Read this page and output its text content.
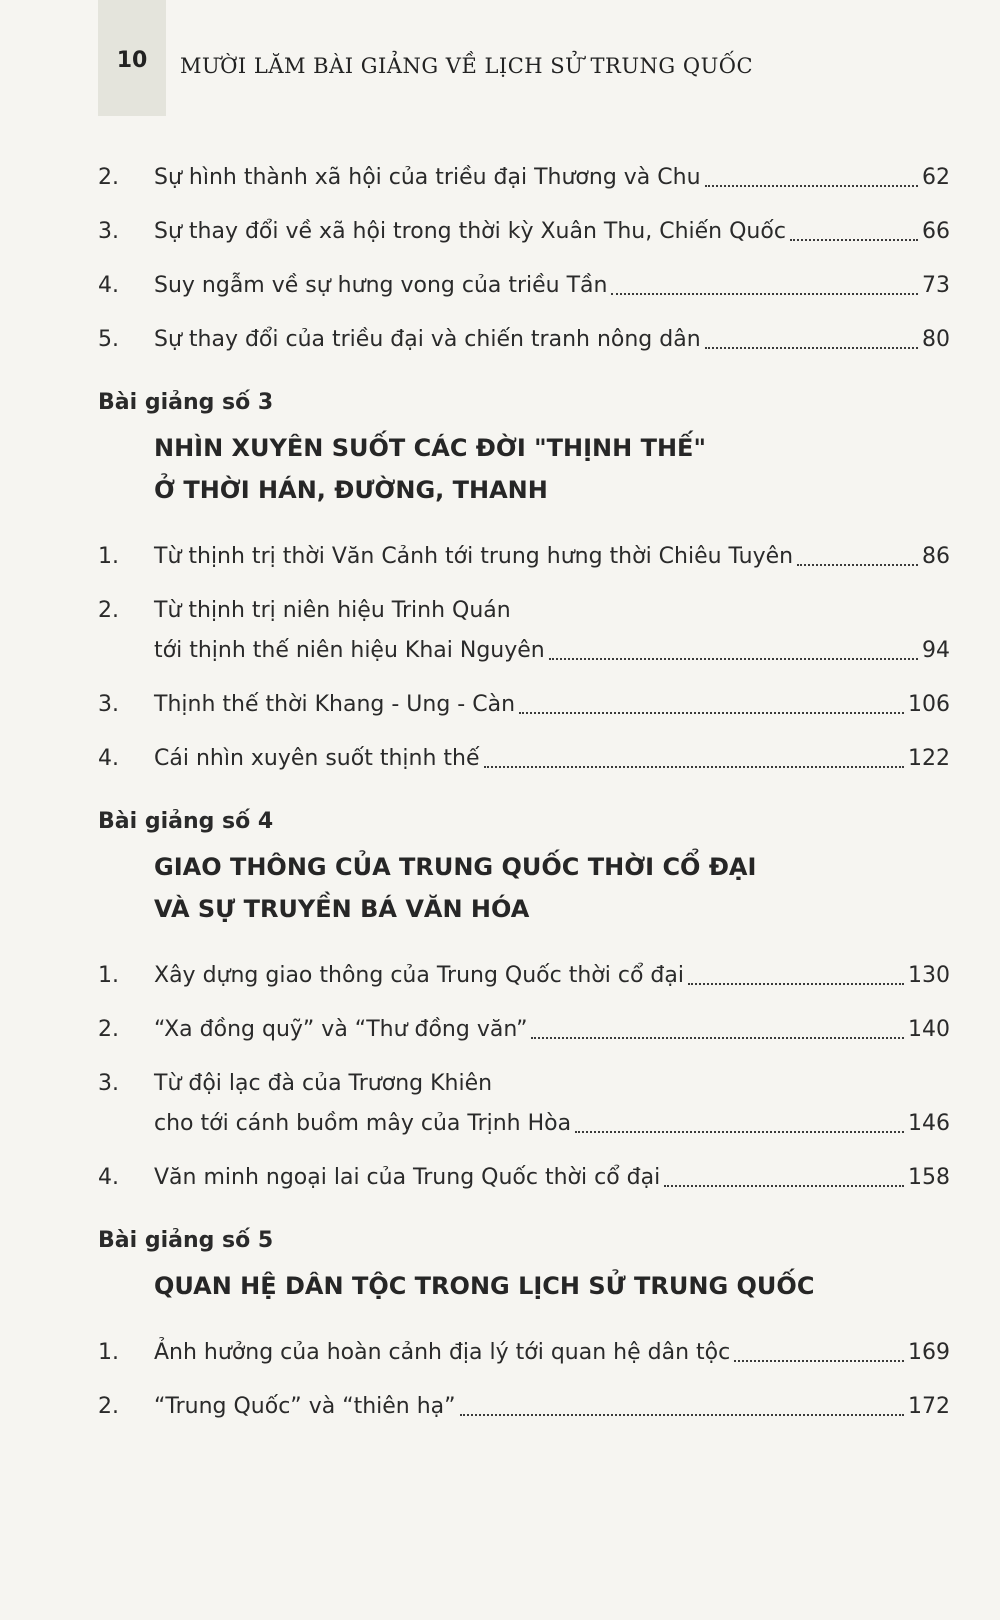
10	MƯỜI LĂM BÀI GIẢNG VỀ LỊCH SỬ TRUNG QUỐC
2.	Sự hình thành xã hội của triều đại Thương và Chu	62
3.	Sự thay đổi về xã hội trong thời kỳ Xuân Thu, Chiến Quốc	66
4.	Suy ngẫm về sự hưng vong của triều Tần	73
5.	Sự thay đổi của triều đại và chiến tranh nông dân	80
Bài giảng số 3
NHÌN XUYÊN SUỐT CÁC ĐỜI "THỊNH THẾ"
Ở THỜI HÁN, ĐƯỜNG, THANH
1.	Từ thịnh trị thời Văn Cảnh tới trung hưng thời Chiêu Tuyên	86
2.	Từ thịnh trị niên hiệu Trinh Quán
tới thịnh thế niên hiệu Khai Nguyên	94
3.	Thịnh thế thời Khang - Ung - Càn	106
4.	Cái nhìn xuyên suốt thịnh thế	122
Bài giảng số 4
GIAO THÔNG CỦA TRUNG QUỐC THỜI CỔ ĐẠI
VÀ SỰ TRUYỀN BÁ VĂN HÓA
1.	Xây dựng giao thông của Trung Quốc thời cổ đại	130
2.	“Xa đồng quỹ” và “Thư đồng văn”	140
3.	Từ đội lạc đà của Trương Khiên
cho tới cánh buồm mây của Trịnh Hòa	146
4.	Văn minh ngoại lai của Trung Quốc thời cổ đại	158
Bài giảng số 5
QUAN HỆ DÂN TỘC TRONG LỊCH SỬ TRUNG QUỐC
1.	Ảnh hưởng của hoàn cảnh địa lý tới quan hệ dân tộc	169
2.	“Trung Quốc” và “thiên hạ”	172
